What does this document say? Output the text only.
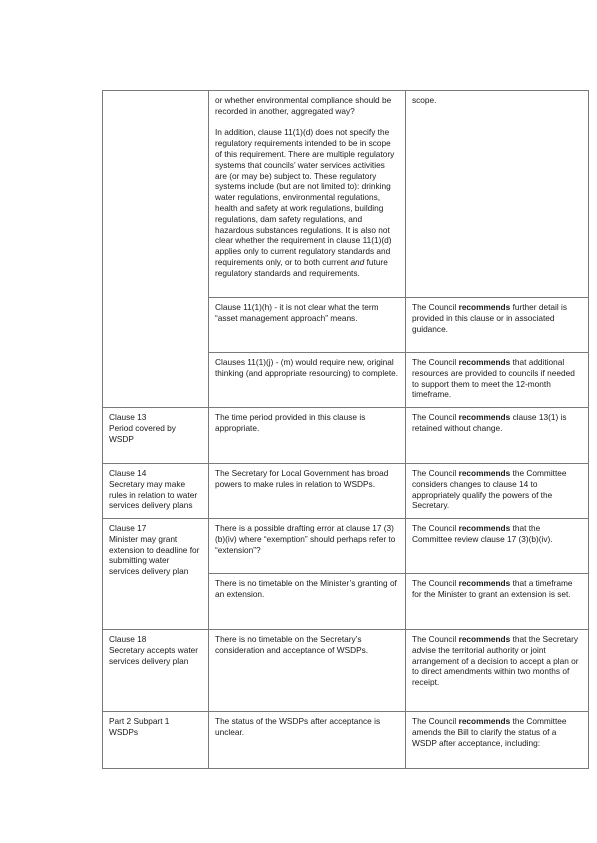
	or whether environmental compliance should be recorded in another, aggregated way?

In addition, clause 11(1)(d) does not specify the regulatory requirements intended to be in scope of this requirement. There are multiple regulatory systems that councils’ water services activities are (or may be) subject to. These regulatory systems include (but are not limited to): drinking water regulations, environmental regulations, health and safety at work regulations, building regulations, dam safety regulations, and hazardous substances regulations. It is also not clear whether the requirement in clause 11(1)(d) applies only to current regulatory standards and requirements only, or to both current and future regulatory standards and requirements.	scope.

	Clause 11(1)(h) - it is not clear what the term “asset management approach” means.	The Council recommends further detail is provided in this clause or in associated guidance.

	Clauses 11(1)(j) - (m) would require new, original thinking (and appropriate resourcing) to complete.	The Council recommends that additional resources are provided to councils if needed to support them to meet the 12-month timeframe.

Clause 13

Period covered by WSDP	The time period provided in this clause is appropriate.	The Council recommends clause 13(1) is retained without change.

Clause 14

Secretary may make rules in relation to water services delivery plans	The Secretary for Local Government has broad powers to make rules in relation to WSDPs.	The Council recommends the Committee considers changes to clause 14 to appropriately qualify the powers of the Secretary.

Clause 17

Minister may grant extension to deadline for submitting water services delivery plan	There is a possible drafting error at clause 17 (3)(b)(iv) where “exemption” should perhaps refer to “extension”?	The Council recommends that the Committee review clause 17 (3)(b)(iv).

	There is no timetable on the Minister’s granting of an extension.	The Council recommends that a timeframe for the Minister to grant an extension is set.

Clause 18

Secretary accepts water services delivery plan	There is no timetable on the Secretary’s consideration and acceptance of WSDPs.	The Council recommends that the Secretary advise the territorial authority or joint arrangement of a decision to accept a plan or to direct amendments within two months of receipt.

Part 2 Subpart 1

WSDPs	The status of the WSDPs after acceptance is unclear.	The Council recommends the Committee amends the Bill to clarify the status of a WSDP after acceptance, including:
